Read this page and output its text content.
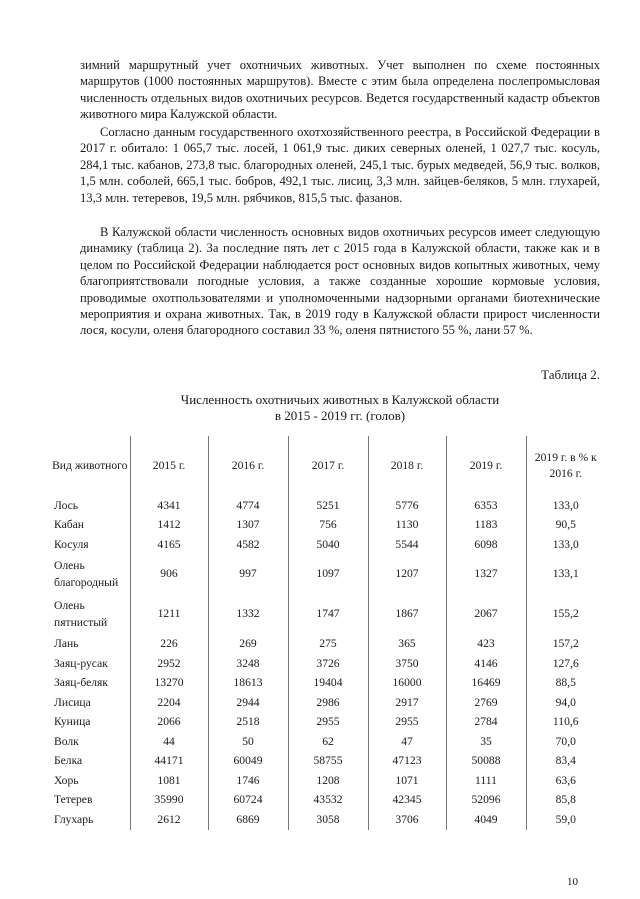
зимний маршрутный учет охотничьих животных. Учет выполнен по схеме постоянных маршрутов (1000 постоянных маршрутов). Вместе с этим была определена послепромысловая численность отдельных видов охотничьих ресурсов. Ведется государственный кадастр объектов животного мира Калужской области.

Согласно данным государственного охотхозяйственного реестра, в Российской Федерации в 2017 г. обитало: 1 065,7 тыс. лосей, 1 061,9 тыс. диких северных оленей, 1 027,7 тыс. косуль, 284,1 тыс. кабанов, 273,8 тыс. благородных оленей, 245,1 тыс. бурых медведей, 56,9 тыс. волков, 1,5 млн. соболей, 665,1 тыс. бобров, 492,1 тыс. лисиц, 3,3 млн. зайцев-беляков, 5 млн. глухарей, 13,3 млн. тетеревов, 19,5 млн. рябчиков, 815,5 тыс. фазанов.

В Калужской области численность основных видов охотничьих ресурсов имеет следующую динамику (таблица 2). За последние пять лет с 2015 года в Калужской области, также как и в целом по Российской Федерации наблюдается рост основных видов копытных животных, чему благоприятствовали погодные условия, а также созданные хорошие кормовые условия, проводимые охотпользователями и уполномоченными надзорными органами биотехнические мероприятия и охрана животных. Так, в 2019 году в Калужской области прирост численности лося, косули, оленя благородного составил 33 %, оленя пятнистого 55 %, лани 57 %.

Таблица 2.
Численность охотничьих животных в Калужской области
в 2015 - 2019 гг. (голов)
Вид животного	2015 г.	2016 г.	2017 г.	2018 г.	2019 г.	2019 г. в % к 2016 г.
Лось	4341	4774	5251	5776	6353	133,0
Кабан	1412	1307	756	1130	1183	90,5
Косуля	4165	4582	5040	5544	6098	133,0
Олень благородный	906	997	1097	1207	1327	133,1
Олень пятнистый	1211	1332	1747	1867	2067	155,2
Лань	226	269	275	365	423	157,2
Заяц-русак	2952	3248	3726	3750	4146	127,6
Заяц-беляк	13270	18613	19404	16000	16469	88,5
Лисица	2204	2944	2986	2917	2769	94,0
Куница	2066	2518	2955	2955	2784	110,6
Волк	44	50	62	47	35	70,0
Белка	44171	60049	58755	47123	50088	83,4
Хорь	1081	1746	1208	1071	1111	63,6
Тетерев	35990	60724	43532	42345	52096	85,8
Глухарь	2612	6869	3058	3706	4049	59,0
10
